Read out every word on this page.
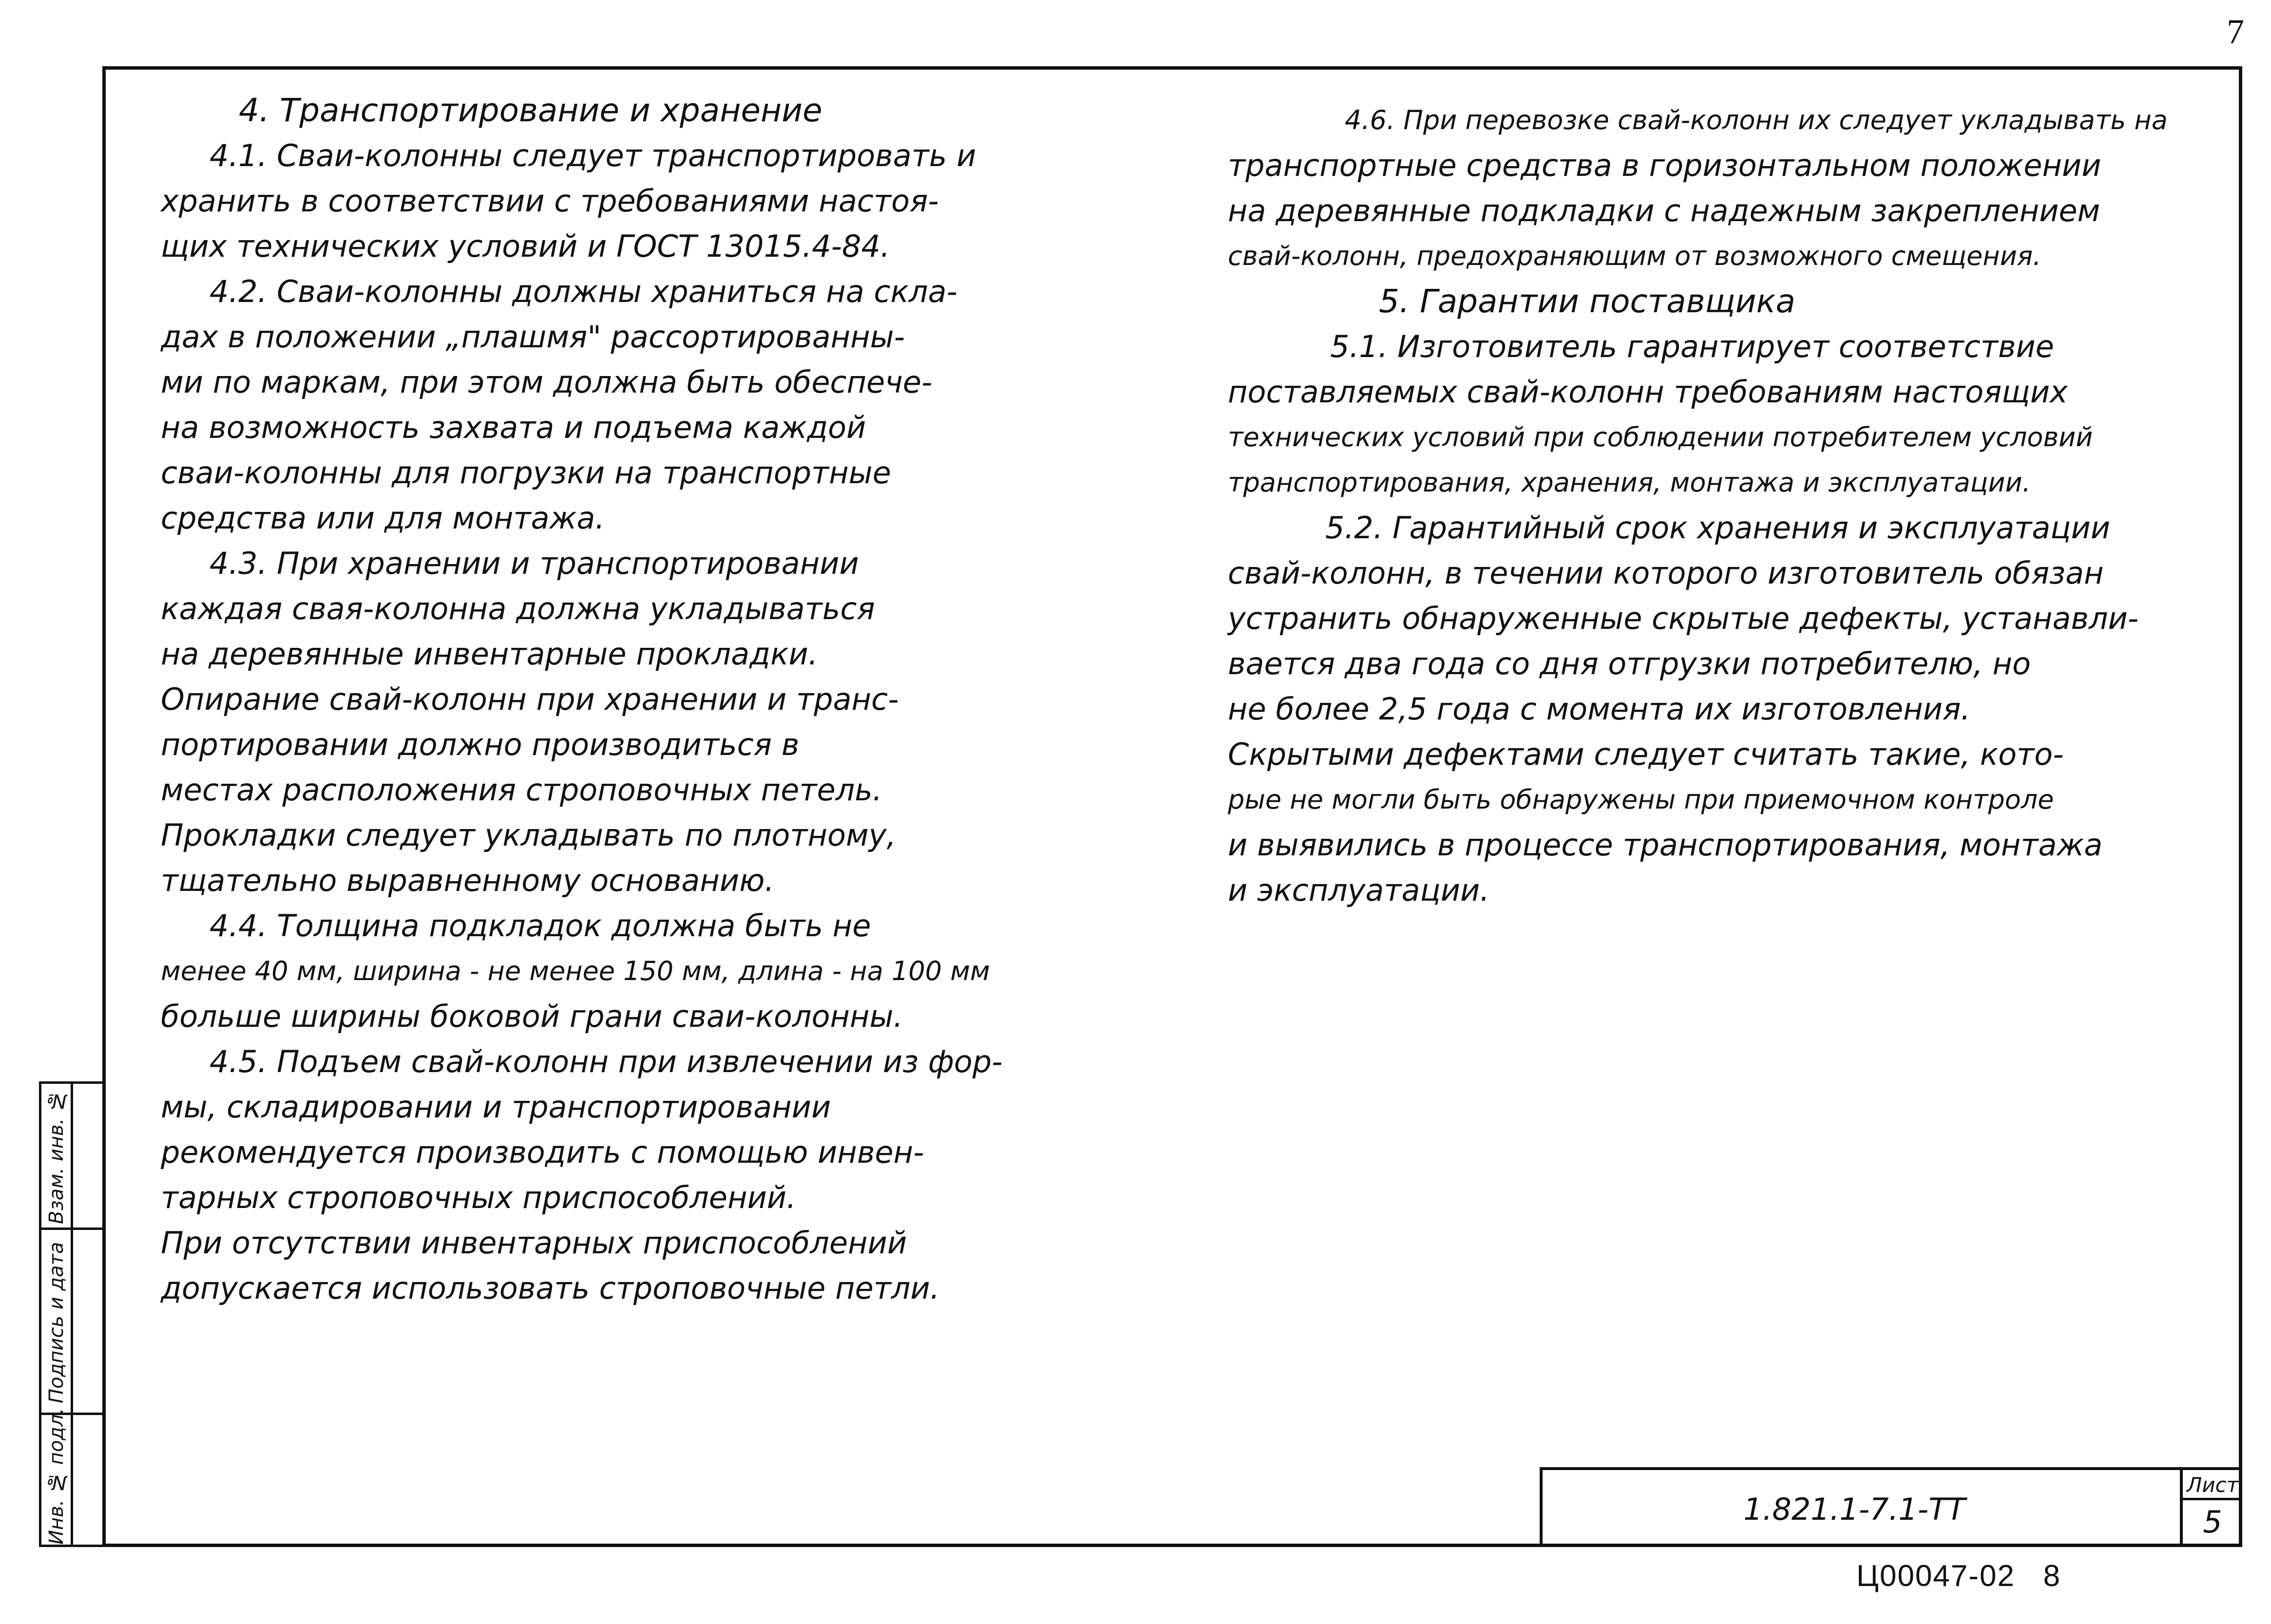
7
4. Транспортирование и хранение
4.1. Сваи-колонны следует транспортировать и
хранить в соответствии с требованиями настоя-
щих технических условий и ГОСТ 13015.4-84.
4.2. Сваи-колонны должны храниться на скла-
дах в положении „плашмя" рассортированны-
ми по маркам, при этом должна быть обеспече-
на возможность захвата и подъема каждой
сваи-колонны для погрузки на транспортные
средства или для монтажа.
4.3. При хранении и транспортировании
каждая свая-колонна должна укладываться
на деревянные инвентарные прокладки.
Опирание свай-колонн при хранении и транс-
портировании должно производиться в
местах расположения строповочных петель.
Прокладки следует укладывать по плотному,
тщательно выравненному основанию.
4.4. Толщина подкладок должна быть не
менее 40 мм, ширина - не менее 150 мм, длина - на 100 мм
больше ширины боковой грани сваи-колонны.
4.5. Подъем свай-колонн при извлечении из фор-
мы, складировании и транспортировании
рекомендуется производить с помощью инвен-
тарных строповочных приспособлений.
При отсутствии инвентарных приспособлений
допускается использовать строповочные петли.
4.6. При перевозке свай-колонн их следует укладывать на
транспортные средства в горизонтальном положении
на деревянные подкладки с надежным закреплением
свай-колонн, предохраняющим от возможного смещения.
5. Гарантии поставщика
5.1. Изготовитель гарантирует соответствие
поставляемых свай-колонн требованиям настоящих
технических условий при соблюдении потребителем условий
транспортирования, хранения, монтажа и эксплуатации.
5.2. Гарантийный срок хранения и эксплуатации
свай-колонн, в течении которого изготовитель обязан
устранить обнаруженные скрытые дефекты, устанавли-
вается два года со дня отгрузки потребителю, но
не более 2,5 года с момента их изготовления.
Скрытыми дефектами следует считать такие, кото-
рые не могли быть обнаружены при приемочном контроле
и выявились в процессе транспортирования, монтажа
и эксплуатации.
Взам. инв. №
Подпись и дата
Инв. № подл.	1.821.1-7.1-ТТ
Лист
5
Ц00047-02   8
